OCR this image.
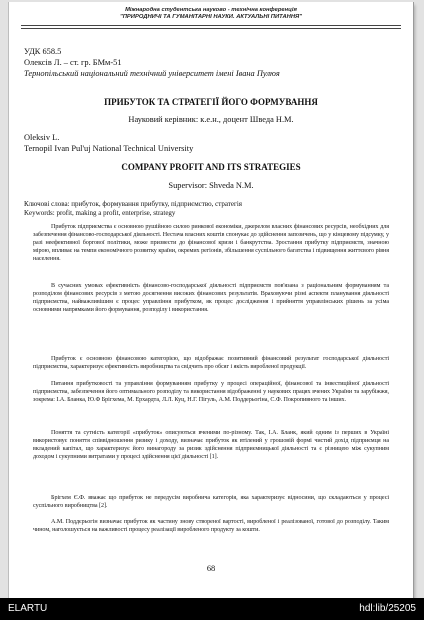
Міжнародна студентська науково - технічна конференція
"ПРИРОДНИЧІ ТА ГУМАНІТАРНІ НАУКИ. АКТУАЛЬНІ ПИТАННЯ"
УДК 658.5
Олексів Л. – ст. гр. БМм-51
Тернопільський національний технічний університет імені Івана Пулюя
ПРИБУТОК ТА СТРАТЕГІЇ ЙОГО ФОРМУВАННЯ
Науковий керівник: к.е.н., доцент Шведа Н.М.
Oleksiv L.
Ternopil Ivan Pul'uj National Technical University
COMPANY PROFIT AND ITS STRATEGIES
Supervisor: Shveda N.M.
Ключові слова: прибуток, формування прибутку, підприємство, стратегія
Keywords: profit, making a profit, enterprise, strategy

Прибуток підприємства є основною рушійною силою ринкової економіки, джерелом власних фінансових ресурсів, необхідних для забезпечення фінансово-господарської діяльності. Нестача власних коштів спонукає до здійснення запозичень, що у кінцевому підсумку, у разі неефективної боргової політики, може призвести до фінансової кризи і банкрутства. Зростання прибутку підприємств, значною мірою, впливає на темпи економічного розвитку країни, окремих регіонів, збільшення суспільного багатства і підвищення життєвого рівня населення.

В сучасних умовах ефективність фінансово-господарської діяльності підприємств пов'язана з раціональним формуванням та розподілом фінансових ресурсів з метою досягнення високих фінансових результатів. Враховуючи різні аспекти планування діяльності підприємства, найважливішим є процес управління прибутком, як процес дослідження і прийняття управлінських рішень за усіма основними напрямками його формування, розподілу і використання.

Прибуток є основною фінансовою категорією, що відображає позитивний фінансовий результат господарської діяльності підприємства, характеризує ефективність виробництва та свідчить про обсяг і якість виробленої продукції.

Питання прибутковості та управління формуванням прибутку у процесі операційної, фінансової та інвестиційної діяльності підприємства, забезпечення його оптимального розподілу та використання відображенні у наукових працях вчених України та зарубіжжя, зокрема: І.А. Бланка, Ю.Ф Брігхема, М. Ерхардта, Л.Л. Куц, Н.Г. Пігуль, А.М. Поддерьогіна, С.Ф. Покропивного та інших.

Поняття та сутність категорії «прибуток» описуються вченими по-різному. Так, І.А. Бланк, який одним із перших в Україні використовує поняття співвідношення ризику і доходу, визначає прибуток як втілений у грошовій формі чистий дохід підприємця на вкладений капітал, що характеризує його винагороду за ризик здійснення підприємницької діяльності та є різницею між сукупним доходом і сукупними витратами у процесі здійснення цієї діяльності [1].

Брігхем Є.Ф. вважає що прибуток не передусім виробнича категорія, яка характеризує відносини, що складаються у процесі суспільного виробництва [2].

А.М. Поддєрьогін визначає прибуток як частину знову створеної вартості, виробленої і реалізованої, готової до розподілу. Таким чином, наголошується на важливості процесу реалізації виробленого продукту за кошти.

68
ELARTU	hdl:lib/25205
